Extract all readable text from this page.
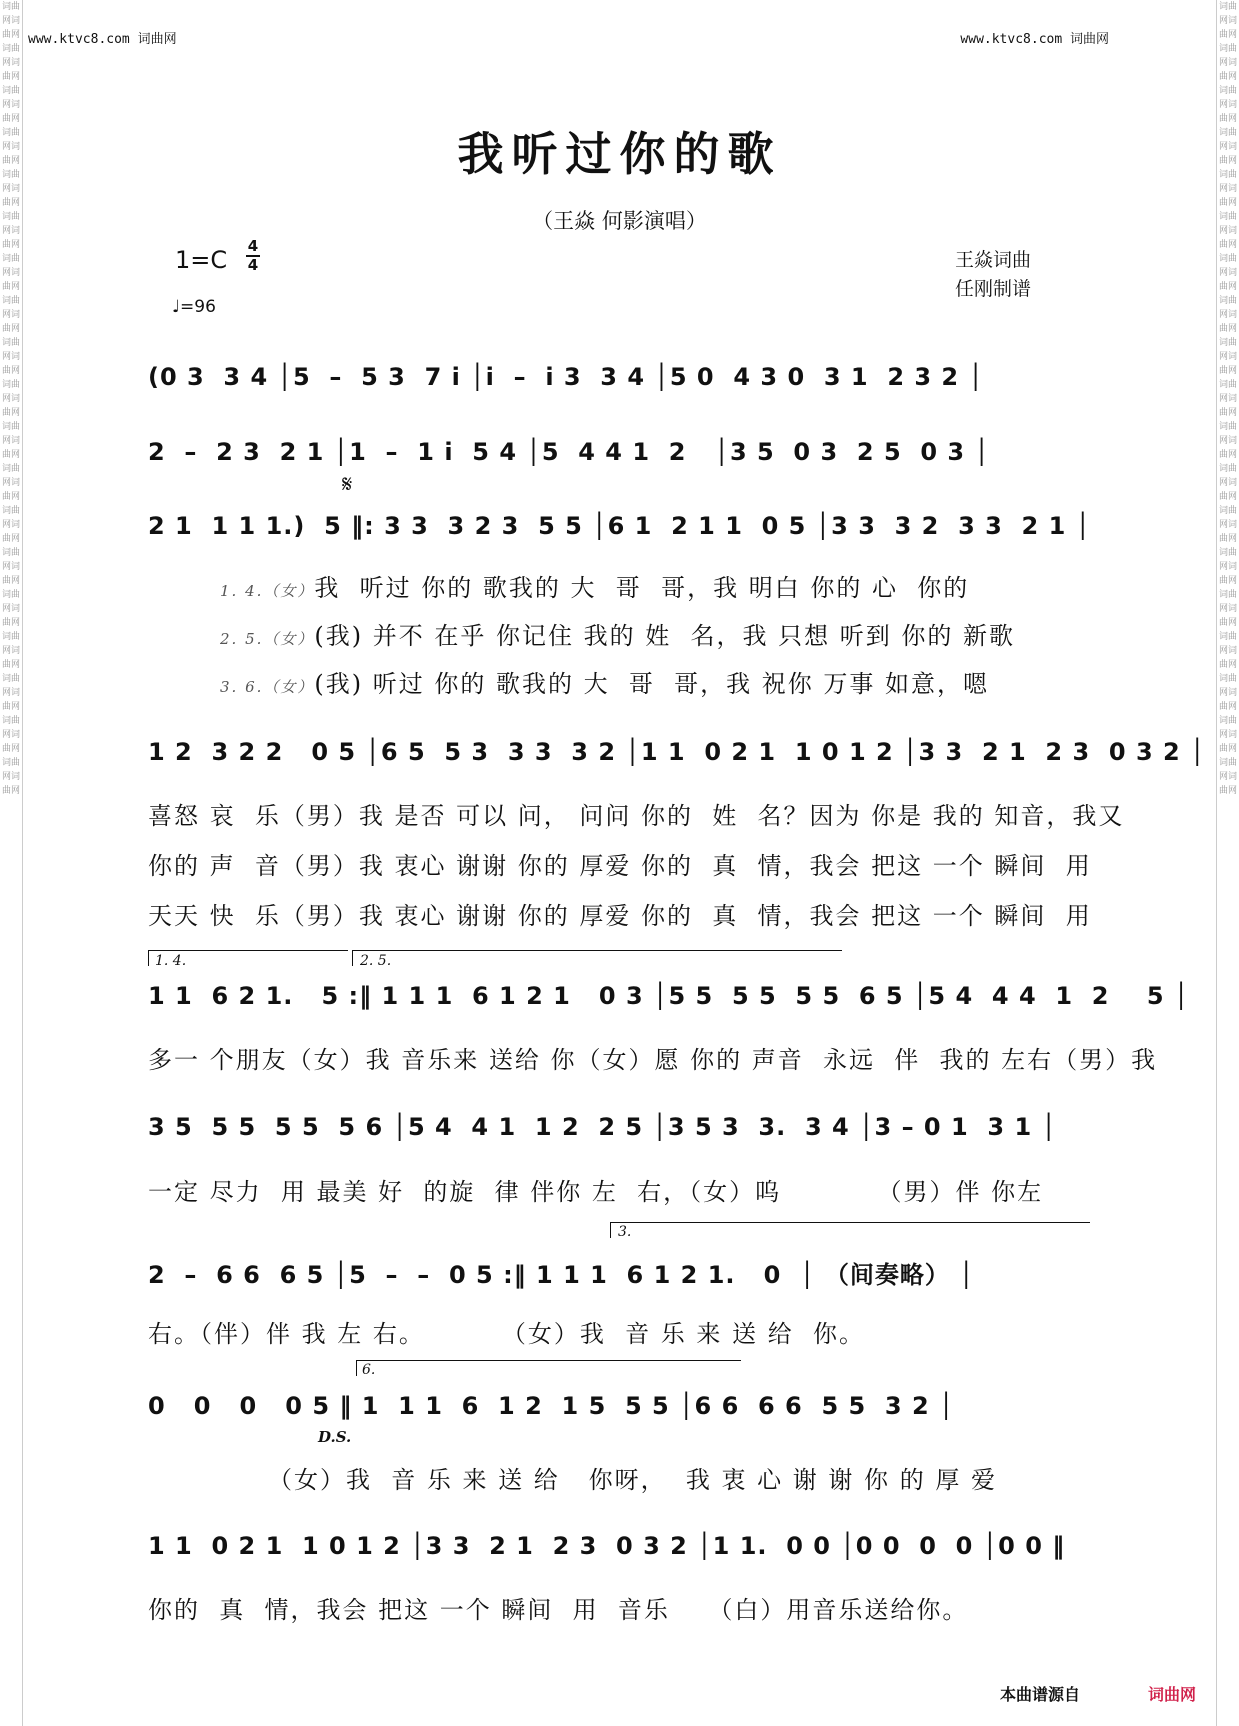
www.ktvc8.com 词曲网	www.ktvc8.com 词曲网
词曲网词曲网词曲网词曲网词曲网词曲网词曲网词曲网词曲网词曲网词曲网词曲网词曲网词曲网词曲网词曲网词曲网词曲网词曲网词曲网词曲网词曲网词曲网词曲网词曲网词曲网词曲网词曲网词曲网词曲网词曲网词曲网词曲网词曲网词曲网词曲网词曲网词曲网
词曲网词曲网词曲网词曲网词曲网词曲网词曲网词曲网词曲网词曲网词曲网词曲网词曲网词曲网词曲网词曲网词曲网词曲网词曲网词曲网词曲网词曲网词曲网词曲网词曲网词曲网词曲网词曲网词曲网词曲网词曲网词曲网词曲网词曲网词曲网词曲网词曲网词曲网
我听过你的歌
（王焱 何影演唱）
1=C 4
4
♩=96
王焱词曲
任刚制谱
(0 3  3 4 │5  –  5 3  7 i │i  –  i 3  3 4 │5 0  4 3 0  3 1  2 3 2 │
2  –  2 3  2 1 │1  –  1 i  5 4 │5  4 4 1  2   │3 5  0 3  2 5  0 3 │
𝄋
2 1  1 1 1.)  5 ‖: 3 3  3 2 3  5 5 │6 1  2 1 1  0 5 │3 3  3 2  3 3  2 1 │
1. 4.（女）我  听过 你的 歌我的 大  哥  哥，我 明白 你的 心  你的
2. 5.（女）(我) 并不 在乎 你记住 我的 姓  名，我 只想 听到 你的 新歌
3. 6.（女）(我) 听过 你的 歌我的 大  哥  哥，我 祝你 万事 如意，嗯
1 2  3 2 2   0 5 │6 5  5 3  3 3  3 2 │1 1  0 2 1  1 0 1 2 │3 3  2 1  2 3  0 3 2 │
喜怒 哀  乐（男）我 是否 可以 问， 问问 你的  姓  名？因为 你是 我的 知音，我又
你的 声  音（男）我 衷心 谢谢 你的 厚爱 你的  真  情，我会 把这 一个 瞬间  用
天天 快  乐（男）我 衷心 谢谢 你的 厚爱 你的  真  情，我会 把这 一个 瞬间  用
1. 4.	2. 5.
1 1  6 2 1.   5 :‖ 1 1 1  6 1 2 1   0 3 │5 5  5 5  5 5  6 5 │5 4  4 4  1  2    5 │
多一 个朋友（女）我 音乐来 送给 你（女）愿 你的 声音  永远  伴  我的 左右（男）我
3 5  5 5  5 5  5 6 │5 4  4 1  1 2  2 5 │3 5 3  3.  3 4 │3 – 0 1  3 1 │
一定 尽力  用 最美 好  的旋  律 伴你 左  右，（女）呜          （男）伴 你左
3.
2  –  6 6  6 5 │5  –  –  0 5 :‖ 1 1 1  6 1 2 1.   0  │ （间奏略） │
右。（伴）伴 我 左 右。        （女）我  音 乐 来 送 给  你。
6.
0   0   0   0 5 ‖ 1  1 1  6  1 2  1 5  5 5 │6 6  6 6  5 5  3 2 │
D.S.
（女）我  音 乐 来 送 给   你呀，  我 衷 心 谢 谢 你 的 厚 爱
1 1  0 2 1  1 0 1 2 │3 3  2 1  2 3  0 3 2 │1 1.  0 0 │0 0  0  0 │0 0 ‖
你的  真  情，我会 把这 一个 瞬间  用  音乐    （白）用音乐送给你。
本曲谱源自	词曲网
